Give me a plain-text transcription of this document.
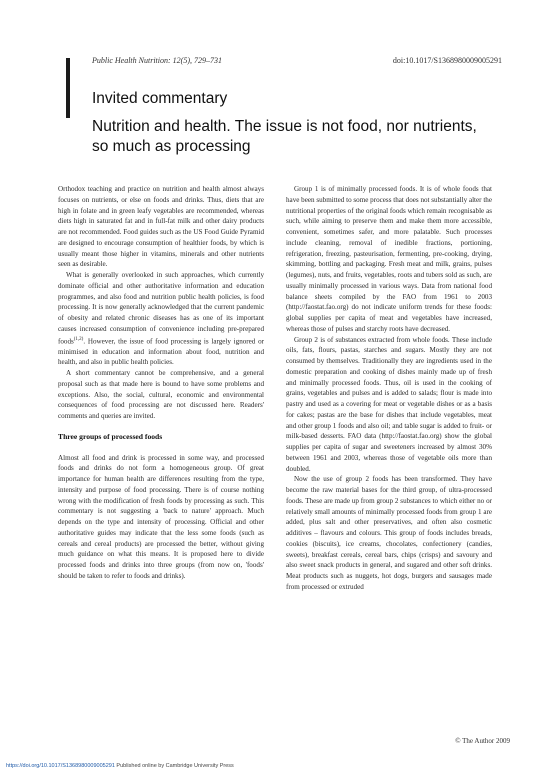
Public Health Nutrition: 12(5), 729–731	doi:10.1017/S1368980009005291
Invited commentary
Nutrition and health. The issue is not food, nor nutrients,
so much as processing

Orthodox teaching and practice on nutrition and health almost always focuses on nutrients, or else on foods and drinks. Thus, diets that are high in folate and in green leafy vegetables are recommended, whereas diets high in saturated fat and in full-fat milk and other dairy products are not recommended. Food guides such as the US Food Guide Pyramid are designed to encourage consumption of healthier foods, by which is usually meant those higher in vitamins, minerals and other nutrients seen as desirable.

What is generally overlooked in such approaches, which currently dominate official and other authoritative information and education programmes, and also food and nutrition public health policies, is food processing. It is now generally acknowledged that the current pandemic of obesity and related chronic diseases has as one of its important causes increased consumption of convenience including pre-prepared foods$^{(1,2)}$. However, the issue of food processing is largely ignored or minimised in education and information about food, nutrition and health, and also in public health policies.

A short commentary cannot be comprehensive, and a general proposal such as that made here is bound to have some problems and exceptions. Also, the social, cultural, economic and environmental consequences of food processing are not discussed here. Readers' comments and queries are invited.

Three groups of processed foods

Almost all food and drink is processed in some way, and processed foods and drinks do not form a homogeneous group. Of great importance for human health are differences resulting from the type, intensity and purpose of food processing. There is of course nothing wrong with the modification of fresh foods by processing as such. This commentary is not suggesting a 'back to nature' approach. Much depends on the type and intensity of processing. Official and other authoritative guides may indicate that the less some foods (such as cereals and cereal products) are processed the better, without giving much guidance on what this means. It is proposed here to divide processed foods and drinks into three groups (from now on, 'foods' should be taken to refer to foods and drinks).

Group 1 is of minimally processed foods. It is of whole foods that have been submitted to some process that does not substantially alter the nutritional properties of the original foods which remain recognisable as such, while aiming to preserve them and make them more accessible, convenient, sometimes safer, and more palatable. Such processes include cleaning, removal of inedible fractions, portioning, refrigeration, freezing, pasteurisation, fermenting, pre-cooking, drying, skimming, bottling and packaging. Fresh meat and milk, grains, pulses (legumes), nuts, and fruits, vegetables, roots and tubers sold as such, are usually minimally processed in various ways. Data from national food balance sheets compiled by the FAO from 1961 to 2003 (http://faostat.fao.org) do not indicate uniform trends for these foods: global supplies per capita of meat and vegetables have increased, whereas those of pulses and starchy roots have decreased.

Group 2 is of substances extracted from whole foods. These include oils, fats, flours, pastas, starches and sugars. Mostly they are not consumed by themselves. Traditionally they are ingredients used in the domestic preparation and cooking of dishes mainly made up of fresh and minimally processed foods. Thus, oil is used in the cooking of grains, vegetables and pulses and is added to salads; flour is made into pastry and used as a covering for meat or vegetable dishes or as a basis for cakes; pastas are the base for dishes that include vegetables, meat and other group 1 foods and also oil; and table sugar is added to fruit- or milk-based desserts. FAO data (http://faostat.fao.org) show the global supplies per capita of sugar and sweeteners increased by almost 30% between 1961 and 2003, whereas those of vegetable oils more than doubled.

Now the use of group 2 foods has been transformed. They have become the raw material bases for the third group, of ultra-processed foods. These are made up from group 2 substances to which either no or relatively small amounts of minimally processed foods from group 1 are added, plus salt and other preservatives, and often also cosmetic additives – flavours and colours. This group of foods includes breads, cookies (biscuits), ice creams, chocolates, confectionery (candies, sweets), breakfast cereals, cereal bars, chips (crisps) and savoury and also sweet snack products in general, and sugared and other soft drinks. Meat products such as nuggets, hot dogs, burgers and sausages made from processed or extruded

© The Author 2009
https://doi.org/10.1017/S1368980009005291 Published online by Cambridge University Press
